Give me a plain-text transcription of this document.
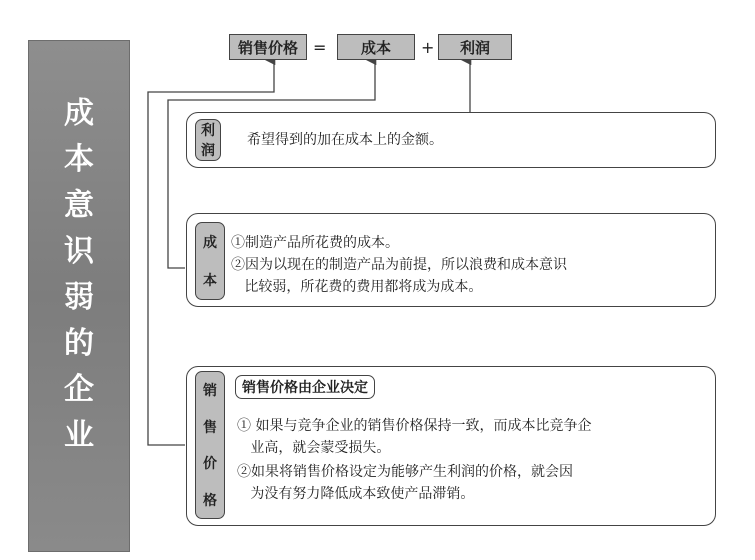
成
本
意
识
弱
的
企
业
销售价格 = 成本 + 利润
利
润
希望得到的加在成本上的金额。
成
本
①制造产品所花费的成本。
②因为以现在的制造产品为前提，所以浪费和成本意识
比较弱，所花费的费用都将成为成本。
销
售
价
格
销售价格由企业决定
① 如果与竞争企业的销售价格保持一致，而成本比竞争企
业高，就会蒙受损失。
②如果将销售价格设定为能够产生利润的价格，就会因
为没有努力降低成本致使产品滞销。
